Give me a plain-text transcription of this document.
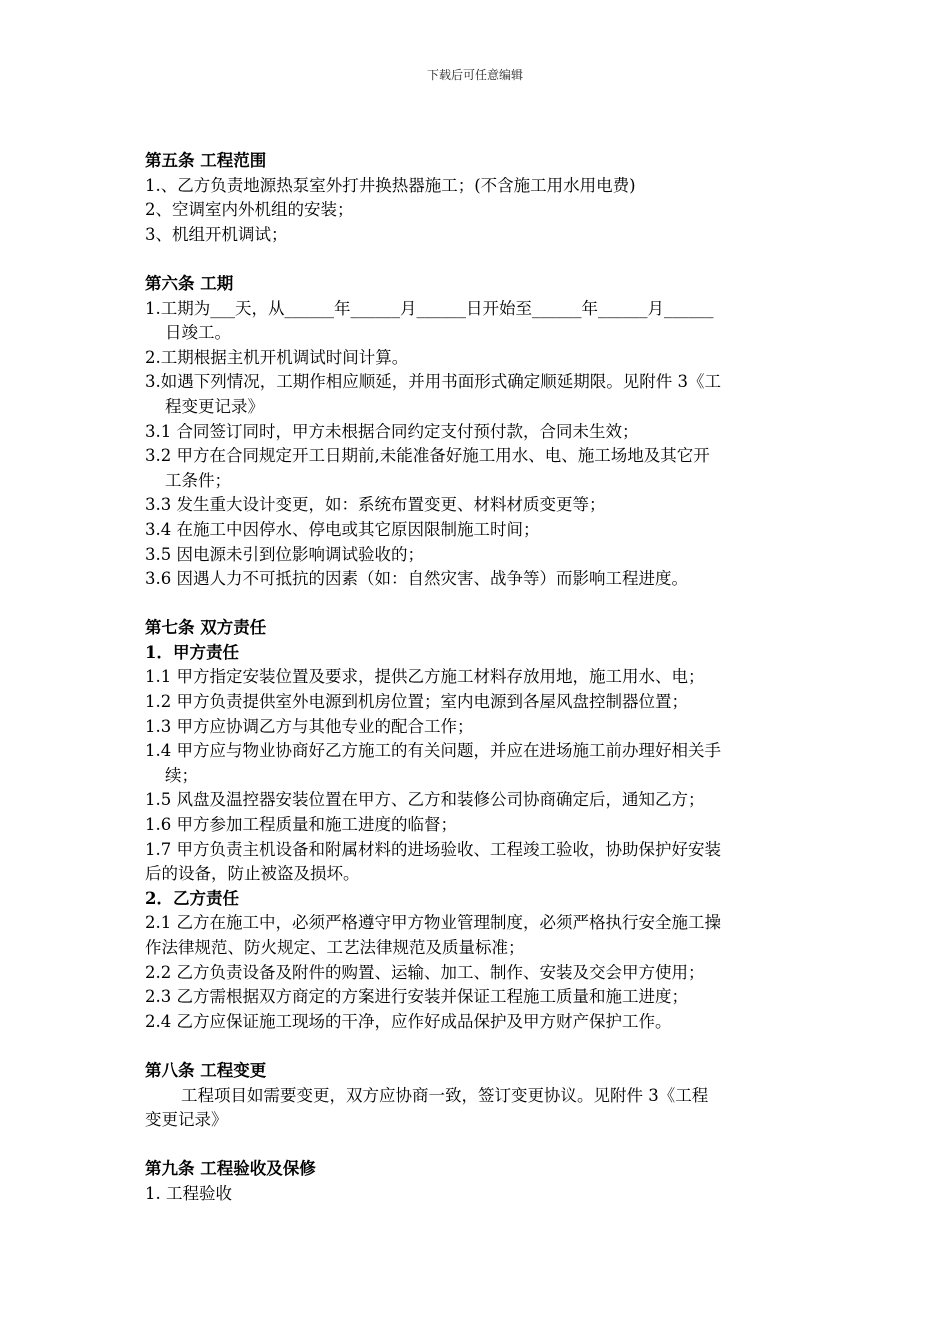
下载后可任意编辑
第五条 工程范围
1.、乙方负责地源热泵室外打井换热器施工；(不含施工用水用电费)
2、空调室内外机组的安装；
3、机组开机调试；
第六条 工期
1.工期为___天，从______年______月______日开始至______年______月______
日竣工。
2.工期根据主机开机调试时间计算。
3.如遇下列情况，工期作相应顺延，并用书面形式确定顺延期限。见附件 3《工
程变更记录》
3.1 合同签订同时，甲方未根据合同约定支付预付款，合同未生效；
3.2 甲方在合同规定开工日期前,未能准备好施工用水、电、施工场地及其它开
工条件；
3.3 发生重大设计变更，如：系统布置变更、材料材质变更等；
3.4 在施工中因停水、停电或其它原因限制施工时间；
3.5 因电源未引到位影响调试验收的；
3.6 因遇人力不可抵抗的因素（如：自然灾害、战争等）而影响工程进度。
第七条 双方责任
1．甲方责任
1.1 甲方指定安装位置及要求，提供乙方施工材料存放用地，施工用水、电；
1.2 甲方负责提供室外电源到机房位置；室内电源到各屋风盘控制器位置；
1.3 甲方应协调乙方与其他专业的配合工作；
1.4 甲方应与物业协商好乙方施工的有关问题，并应在进场施工前办理好相关手
续；
1.5 风盘及温控器安装位置在甲方、乙方和装修公司协商确定后，通知乙方；
1.6 甲方参加工程质量和施工进度的临督；
1.7 甲方负责主机设备和附属材料的进场验收、工程竣工验收，协助保护好安装
后的设备，防止被盗及损坏。
2．乙方责任
2.1 乙方在施工中，必须严格遵守甲方物业管理制度，必须严格执行安全施工操
作法律规范、防火规定、工艺法律规范及质量标准；
2.2 乙方负责设备及附件的购置、运输、加工、制作、安装及交会甲方使用；
2.3 乙方需根据双方商定的方案进行安装并保证工程施工质量和施工进度；
2.4 乙方应保证施工现场的干净，应作好成品保护及甲方财产保护工作。
第八条 工程变更
工程项目如需要变更，双方应协商一致，签订变更协议。见附件 3《工程
变更记录》
第九条 工程验收及保修
1. 工程验收
